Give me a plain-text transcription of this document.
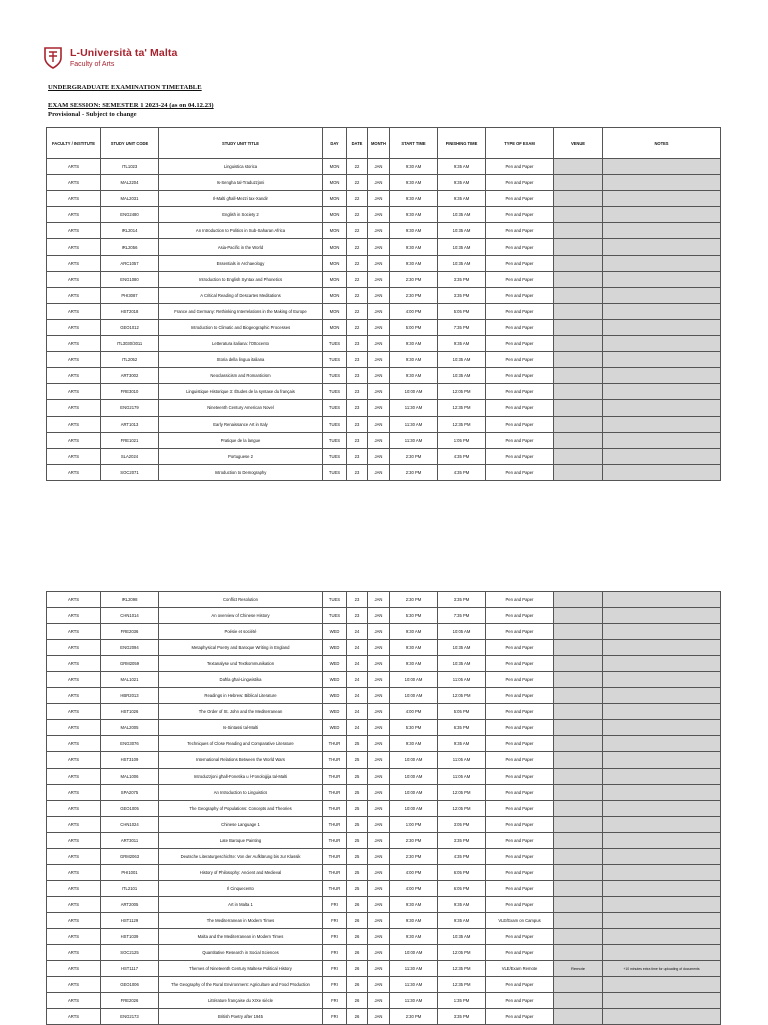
L-Università ta' Malta
Faculty of Arts
UNDERGRADUATE EXAMINATION TIMETABLE
EXAM SESSION: SEMESTER 1 2023-24 (as on 04.12.23)
Provisional - Subject to change
FACULTY / INSTITUTE	STUDY UNIT CODE	STUDY UNIT TITLE	DAY	DATE	MONTH	START TIME	FINISHING TIME	TYPE OF EXAM	VENUE	NOTES
ARTS	ITL1023	Linguistica storica	MON	22	JAN	9:30 AM	9:35 AM	Pen and Paper		
ARTS	MAL2204	Is-Sengha tal-Traduzzjoni	MON	22	JAN	9:30 AM	9:35 AM	Pen and Paper		
ARTS	MAL2031	Il-Malti għall-Mezzi tax-Xandir	MON	22	JAN	9:30 AM	9:35 AM	Pen and Paper		
ARTS	ENG2480	English in Society 2	MON	22	JAN	9:30 AM	10:35 AM	Pen and Paper		
ARTS	IRL2014	An Introduction to Politics in Sub-Saharan Africa	MON	22	JAN	9:30 AM	10:35 AM	Pen and Paper		
ARTS	IRL2056	Asia-Pacific in the World	MON	22	JAN	9:30 AM	10:35 AM	Pen and Paper		
ARTS	ARC1057	Essentials in Archaeology	MON	22	JAN	9:30 AM	10:35 AM	Pen and Paper		
ARTS	ENG1080	Introduction to English Syntax and Phonetics	MON	22	JAN	2:30 PM	3:35 PM	Pen and Paper		
ARTS	PHI3087	A Critical Reading of Descartes Meditations	MON	22	JAN	2:30 PM	3:35 PM	Pen and Paper		
ARTS	HST2018	France and Germany: Rethinking Interrelations in the Making of Europe	MON	22	JAN	4:00 PM	5:05 PM	Pen and Paper		
ARTS	GEO1012	Introduction to Climatic and Biogeographic Processes	MON	22	JAN	5:00 PM	7:35 PM	Pen and Paper		
ARTS	ITL3030/3011	Letteratura italiana: l'Ottocento	TUES	23	JAN	9:30 AM	9:35 AM	Pen and Paper		
ARTS	ITL2052	Storia della lingua italiana	TUES	23	JAN	9:30 AM	10:35 AM	Pen and Paper		
ARTS	ART3002	Neoclassicism and Romanticism	TUES	23	JAN	9:30 AM	10:35 AM	Pen and Paper		
ARTS	FRE3010	Linguistique Historique 3: Études de la syntaxe du français	TUES	23	JAN	10:00 AM	12:05 PM	Pen and Paper		
ARTS	ENG2179	Nineteenth Century American Novel	TUES	23	JAN	11:30 AM	12:35 PM	Pen and Paper		
ARTS	ART1013	Early Renaissance Art in Italy	TUES	23	JAN	11:30 AM	12:35 PM	Pen and Paper		
ARTS	FRE1021	Pratique de la langue	TUES	23	JAN	11:30 AM	1:05 PM	Pen and Paper		
ARTS	SLA2024	Portuguese 2	TUES	23	JAN	2:30 PM	4:35 PM	Pen and Paper		
ARTS	SOC2071	Introduction to Demography	TUES	23	JAN	2:30 PM	4:35 PM	Pen and Paper		
ARTS	IRL2098	Conflict Resolution	TUES	23	JAN	2:30 PM	3:35 PM	Pen and Paper		
ARTS	CHN1014	An overview of Chinese History	TUES	23	JAN	5:30 PM	7:35 PM	Pen and Paper		
ARTS	FRE2036	Poésie et société	WED	24	JAN	9:30 AM	10:05 AM	Pen and Paper		
ARTS	ENG2094	Metaphysical Poetry and Baroque Writing in England	WED	24	JAN	9:30 AM	10:35 AM	Pen and Paper		
ARTS	GRM2059	Textanalyse und Textkommunikation	WED	24	JAN	9:30 AM	10:35 AM	Pen and Paper		
ARTS	MAL1021	Daħla għal-Lingwistika	WED	24	JAN	10:00 AM	11:05 AM	Pen and Paper		
ARTS	HBR2013	Readings in Hebrew: Biblical Literature	WED	24	JAN	10:00 AM	12:05 PM	Pen and Paper		
ARTS	HST1026	The Order of St. John and the Mediterranean	WED	24	JAN	4:00 PM	5:05 PM	Pen and Paper		
ARTS	MAL2005	Is-Sintassi tal-Malti	WED	24	JAN	5:30 PM	6:35 PM	Pen and Paper		
ARTS	ENG3076	Techniques of Close Reading and Comparative Literature	THUR	25	JAN	9:30 AM	9:35 AM	Pen and Paper		
ARTS	HST3109	International Relations Between the World Wars	THUR	25	JAN	10:00 AM	11:05 AM	Pen and Paper		
ARTS	MAL1006	Introduzzjoni għall-Fonetika u l-Fonoloġija tal-Malti	THUR	25	JAN	10:00 AM	11:05 AM	Pen and Paper		
ARTS	SPA2075	An Introduction to Linguistics	THUR	25	JAN	10:00 AM	12:05 PM	Pen and Paper		
ARTS	GEO1005	The Geography of Populations: Concepts and Theories	THUR	25	JAN	10:00 AM	12:05 PM	Pen and Paper		
ARTS	CHN1024	Chinese Language 1	THUR	25	JAN	1:00 PM	3:05 PM	Pen and Paper		
ARTS	ART3011	Late Baroque Painting	THUR	25	JAN	2:30 PM	3:35 PM	Pen and Paper		
ARTS	GRM2063	Deutsche Literaturgeschichte: Von der Aufklärung bis zur Klassik	THUR	25	JAN	2:30 PM	4:35 PM	Pen and Paper		
ARTS	PHI1001	History of Philosophy: Ancient and Medieval	THUR	25	JAN	4:00 PM	6:05 PM	Pen and Paper		
ARTS	ITL2101	Il Cinquecento	THUR	25	JAN	4:00 PM	6:05 PM	Pen and Paper		
ARTS	ART2005	Art in Malta 1	FRI	26	JAN	9:30 AM	9:35 AM	Pen and Paper		
ARTS	HST1129	The Mediterranean in Modern Times	FRI	26	JAN	9:30 AM	9:35 AM	VLE/Exam on Campus		
ARTS	HST1039	Malta and the Mediterranean in Modern Times	FRI	26	JAN	9:30 AM	10:35 AM	Pen and Paper		
ARTS	SOC2125	Quantitative Research in Social Sciences	FRI	26	JAN	10:00 AM	12:05 PM	Pen and Paper		
ARTS	HST1117	Themes of Nineteenth Century Maltese Political History	FRI	26	JAN	11:30 AM	12:35 PM	VLE/Exam Remote	Remote	+10 minutes extra time for uploading of documents
ARTS	GEO1006	The Geography of the Rural Environment: Agriculture and Food Production	FRI	26	JAN	11:30 AM	12:35 PM	Pen and Paper		
ARTS	FRE2026	Littérature française du XIXe siècle	FRI	26	JAN	11:30 AM	1:35 PM	Pen and Paper		
ARTS	ENG2173	British Poetry after 1945	FRI	26	JAN	2:30 PM	3:35 PM	Pen and Paper		
